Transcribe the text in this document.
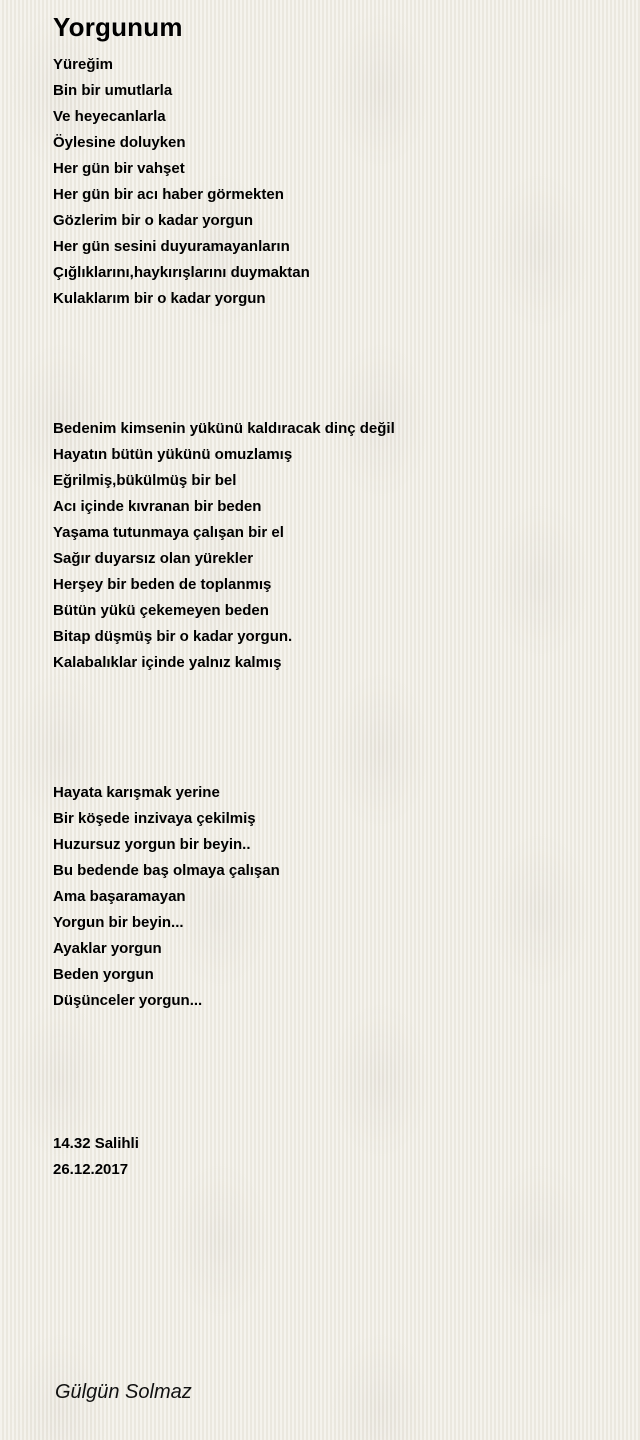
Yorgunum
Yüreğim
Bin bir umutlarla
Ve heyecanlarla
Öylesine doluyken
Her gün bir vahşet
Her gün bir acı haber görmekten
Gözlerim bir o kadar yorgun
Her gün sesini duyuramayanların
Çığlıklarını,haykırışlarını duymaktan
Kulaklarım bir o kadar yorgun
Bedenim kimsenin yükünü kaldıracak dinç değil
Hayatın bütün yükünü omuzlamış
Eğrilmiş,bükülmüş bir bel
Acı içinde kıvranan bir beden
Yaşama tutunmaya çalışan bir el
Sağır duyarsız olan yürekler
Herşey bir beden de toplanmış
Bütün yükü çekemeyen beden
Bitap düşmüş bir o kadar yorgun.
Kalabalıklar içinde yalnız kalmış
Hayata karışmak yerine
Bir köşede inzivaya çekilmiş
Huzursuz yorgun bir beyin..
Bu bedende baş olmaya çalışan
Ama başaramayan
Yorgun bir beyin...
Ayaklar yorgun
Beden yorgun
Düşünceler yorgun...
14.32 Salihli
26.12.2017
Gülgün Solmaz
